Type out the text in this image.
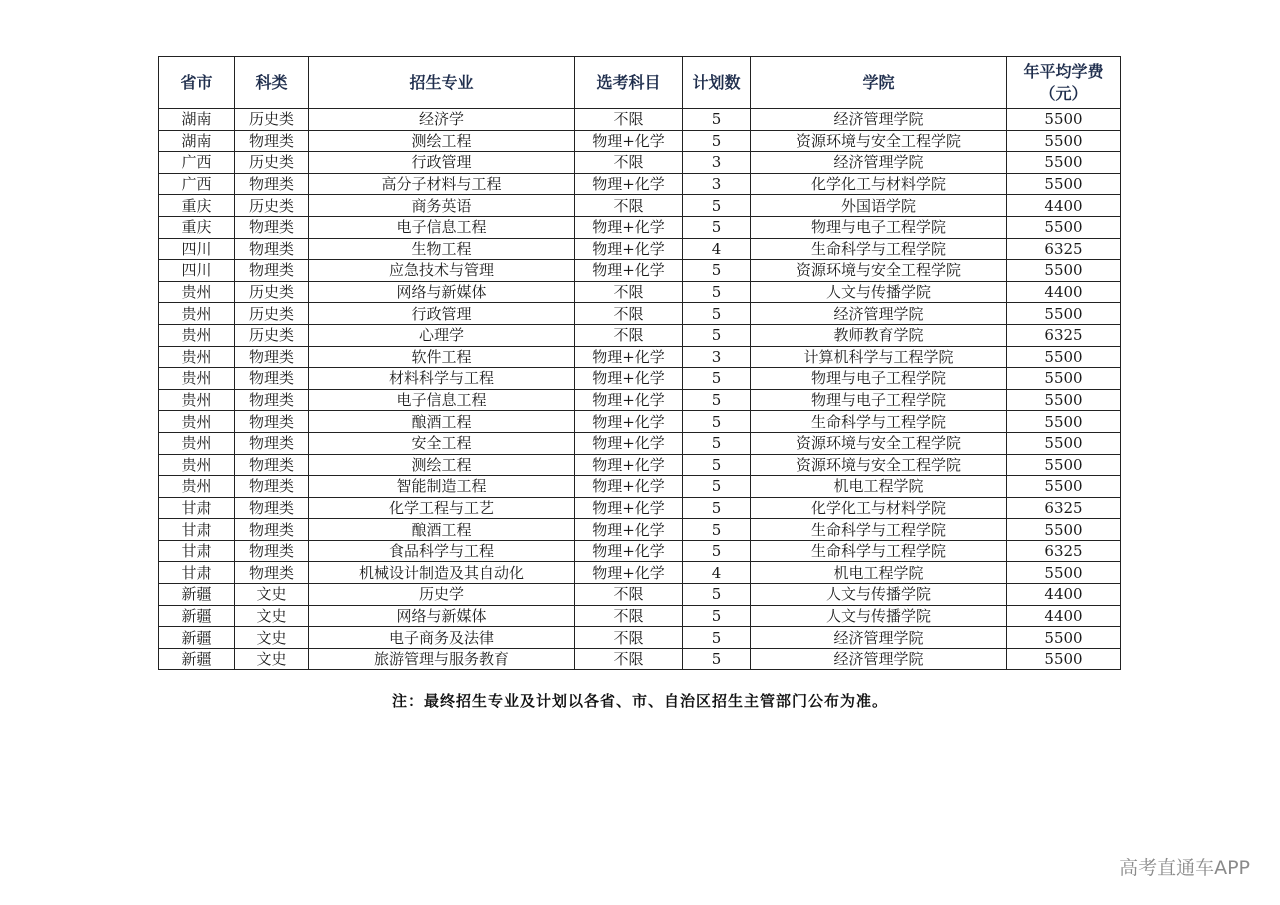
省市	科类	招生专业	选考科目	计划数	学院	年平均学费（元）
湖南	历史类	经济学	不限	5	经济管理学院	5500
湖南	物理类	测绘工程	物理+化学	5	资源环境与安全工程学院	5500
广西	历史类	行政管理	不限	3	经济管理学院	5500
广西	物理类	高分子材料与工程	物理+化学	3	化学化工与材料学院	5500
重庆	历史类	商务英语	不限	5	外国语学院	4400
重庆	物理类	电子信息工程	物理+化学	5	物理与电子工程学院	5500
四川	物理类	生物工程	物理+化学	4	生命科学与工程学院	6325
四川	物理类	应急技术与管理	物理+化学	5	资源环境与安全工程学院	5500
贵州	历史类	网络与新媒体	不限	5	人文与传播学院	4400
贵州	历史类	行政管理	不限	5	经济管理学院	5500
贵州	历史类	心理学	不限	5	教师教育学院	6325
贵州	物理类	软件工程	物理+化学	3	计算机科学与工程学院	5500
贵州	物理类	材料科学与工程	物理+化学	5	物理与电子工程学院	5500
贵州	物理类	电子信息工程	物理+化学	5	物理与电子工程学院	5500
贵州	物理类	酿酒工程	物理+化学	5	生命科学与工程学院	5500
贵州	物理类	安全工程	物理+化学	5	资源环境与安全工程学院	5500
贵州	物理类	测绘工程	物理+化学	5	资源环境与安全工程学院	5500
贵州	物理类	智能制造工程	物理+化学	5	机电工程学院	5500
甘肃	物理类	化学工程与工艺	物理+化学	5	化学化工与材料学院	6325
甘肃	物理类	酿酒工程	物理+化学	5	生命科学与工程学院	5500
甘肃	物理类	食品科学与工程	物理+化学	5	生命科学与工程学院	6325
甘肃	物理类	机械设计制造及其自动化	物理+化学	4	机电工程学院	5500
新疆	文史	历史学	不限	5	人文与传播学院	4400
新疆	文史	网络与新媒体	不限	5	人文与传播学院	4400
新疆	文史	电子商务及法律	不限	5	经济管理学院	5500
新疆	文史	旅游管理与服务教育	不限	5	经济管理学院	5500
注：最终招生专业及计划以各省、市、自治区招生主管部门公布为准。
高考直通车APP
